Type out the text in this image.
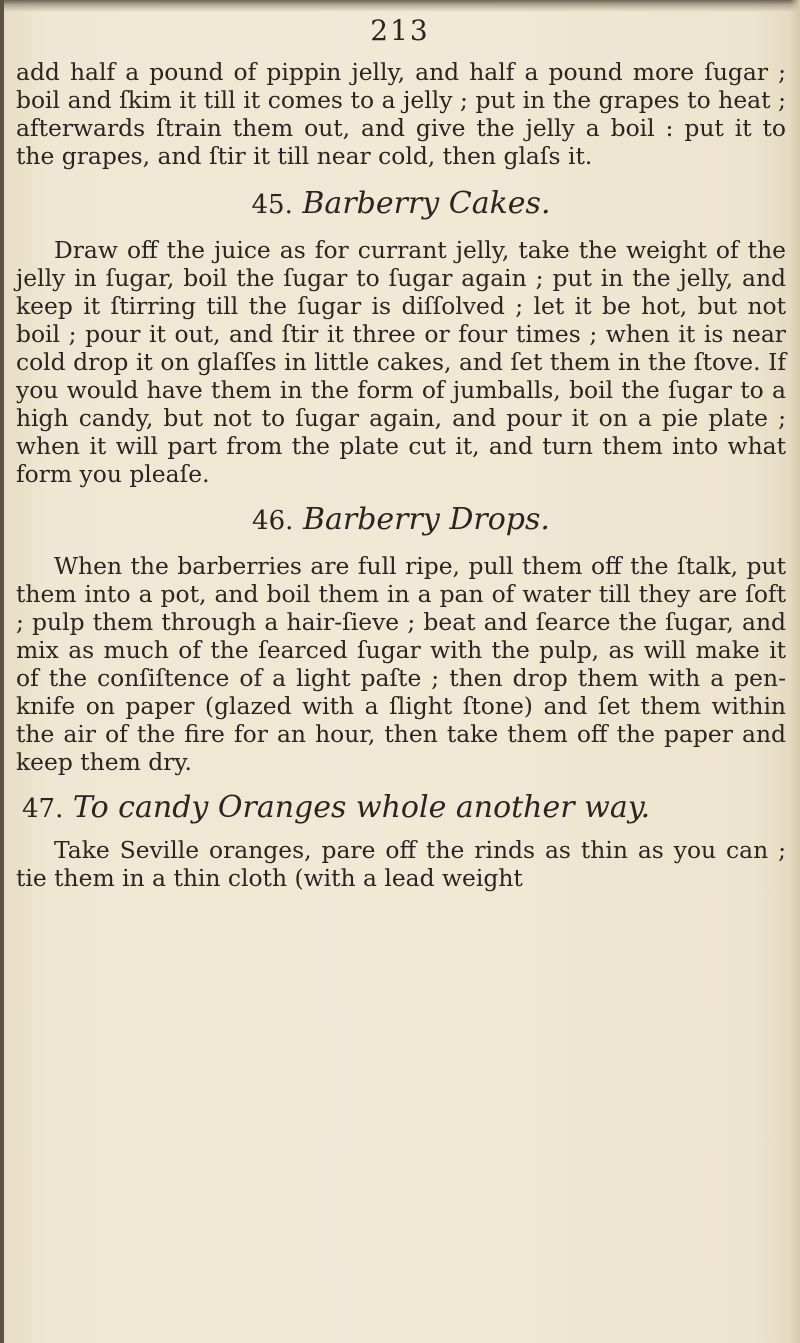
213

add half a pound of pippin jelly, and half a pound more ſugar ; boil and ſkim it till it comes to a jelly ; put in the grapes to heat ; afterwards ſtrain them out, and give the jelly a boil : put it to the grapes, and ſtir it till near cold, then glaſs it.

45. Barberry Cakes.

Draw off the juice as for currant jelly, take the weight of the jelly in ſugar, boil the ſugar to ſugar again ; put in the jelly, and keep it ſtirring till the ſugar is diſſolved ; let it be hot, but not boil ; pour it out, and ſtir it three or four times ; when it is near cold drop it on glaſſes in little cakes, and ſet them in the ſtove. If you would have them in the form of jumballs, boil the ſugar to a high candy, but not to ſugar again, and pour it on a pie plate ; when it will part from the plate cut it, and turn them into what form you pleaſe.

46. Barberry Drops.

When the barberries are full ripe, pull them off the ſtalk, put them into a pot, and boil them in a pan of water till they are ſoft ; pulp them through a hair-ſieve ; beat and ſearce the ſugar, and mix as much of the ſearced ſugar with the pulp, as will make it of the conſiſtence of a light paſte ; then drop them with a pen-knife on paper (glazed with a ſlight ſtone) and ſet them within the air of the fire for an hour, then take them off the paper and keep them dry.

47. To candy Oranges whole another way.

Take Seville oranges, pare off the rinds as thin as you can ; tie them in a thin cloth (with a lead weight
